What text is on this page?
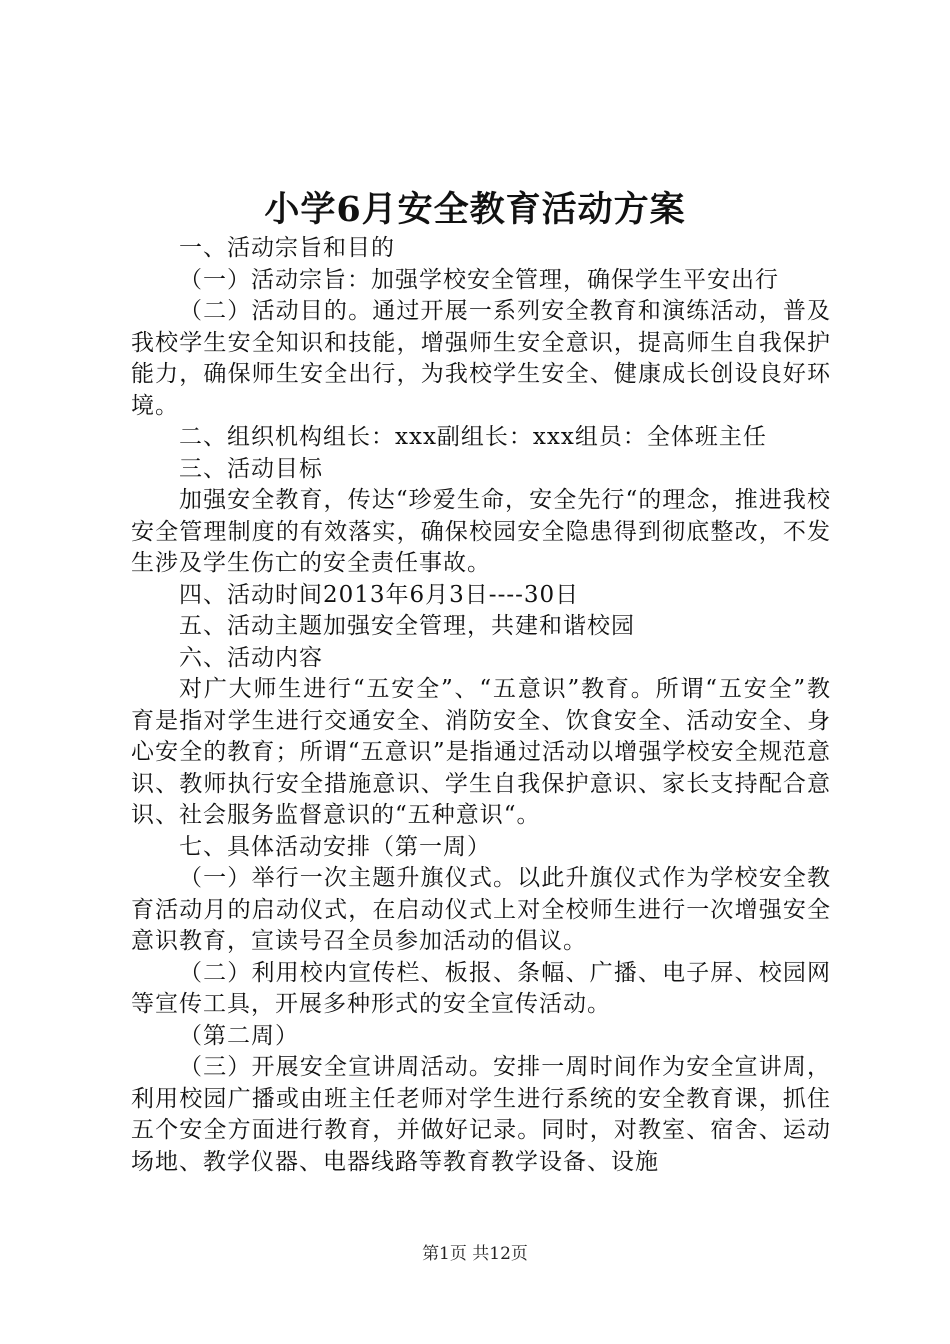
小学6月安全教育活动方案

一、活动宗旨和目的

（一）活动宗旨：加强学校安全管理，确保学生平安出行

（二）活动目的。通过开展一系列安全教育和演练活动，普及我校学生安全知识和技能，增强师生安全意识，提高师生自我保护能力，确保师生安全出行，为我校学生安全、健康成长创设良好环境。

二、组织机构组长：xxx副组长：xxx组员：全体班主任

三、活动目标

加强安全教育，传达“珍爱生命，安全先行“的理念，推进我校安全管理制度的有效落实，确保校园安全隐患得到彻底整改，不发生涉及学生伤亡的安全责任事故。

四、活动时间2013年6月3日----30日

五、活动主题加强安全管理，共建和谐校园

六、活动内容

对广大师生进行“五安全”、“五意识”教育。所谓“五安全”教育是指对学生进行交通安全、消防安全、饮食安全、活动安全、身心安全的教育；所谓“五意识”是指通过活动以增强学校安全规范意识、教师执行安全措施意识、学生自我保护意识、家长支持配合意识、社会服务监督意识的“五种意识“。

七、具体活动安排（第一周）

（一）举行一次主题升旗仪式。以此升旗仪式作为学校安全教育活动月的启动仪式，在启动仪式上对全校师生进行一次增强安全意识教育，宣读号召全员参加活动的倡议。

（二）利用校内宣传栏、板报、条幅、广播、电子屏、校园网等宣传工具，开展多种形式的安全宣传活动。

（第二周）

（三）开展安全宣讲周活动。安排一周时间作为安全宣讲周，利用校园广播或由班主任老师对学生进行系统的安全教育课，抓住五个安全方面进行教育，并做好记录。同时，对教室、宿舍、运动场地、教学仪器、电器线路等教育教学设备、设施

第1页 共12页
